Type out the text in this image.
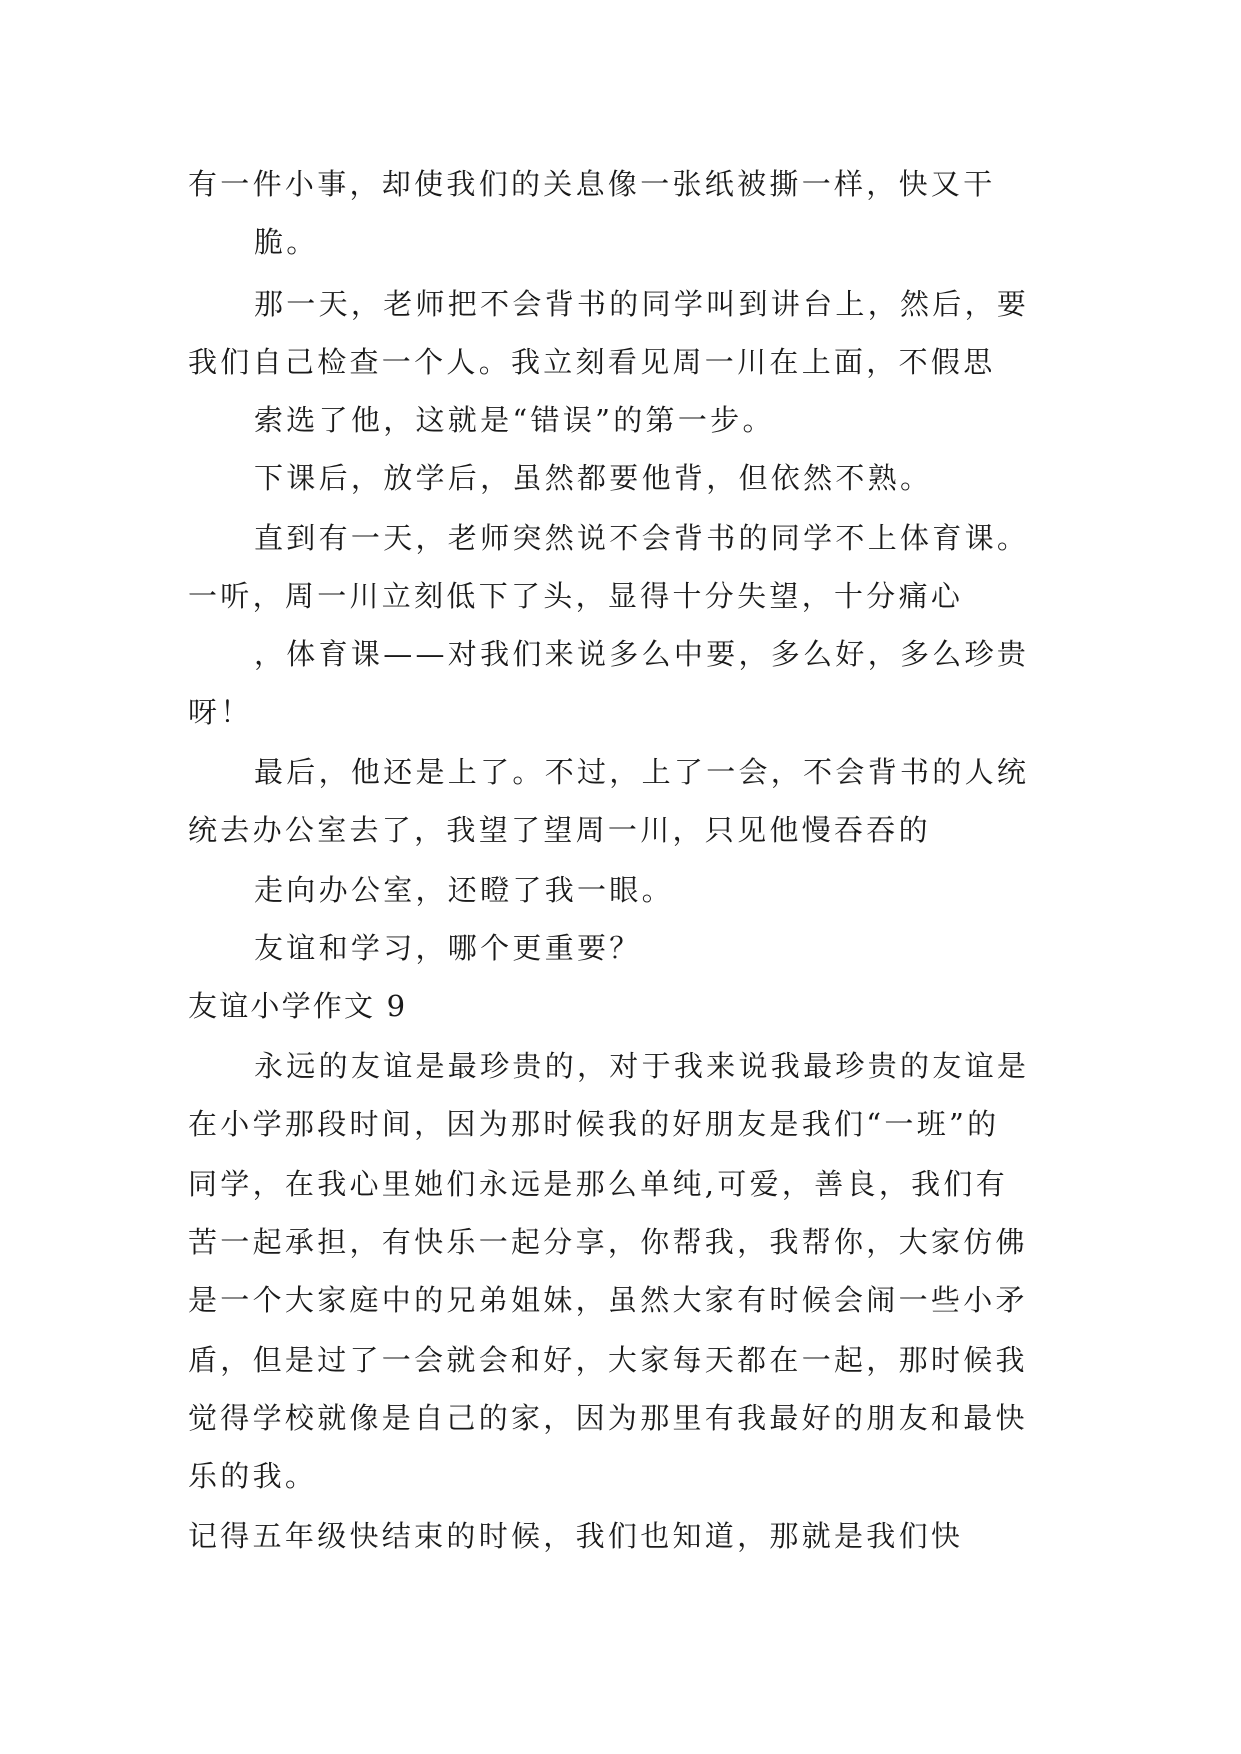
有一件小事，却使我们的关息像一张纸被撕一样，快又干
脆。
那一天，老师把不会背书的同学叫到讲台上，然后，要
我们自己检查一个人。我立刻看见周一川在上面，不假思
索选了他，这就是“错误”的第一步。
下课后，放学后，虽然都要他背，但依然不熟。
直到有一天，老师突然说不会背书的同学不上体育课。
一听，周一川立刻低下了头，显得十分失望，十分痛心
，体育课——对我们来说多么中要，多么好，多么珍贵
呀！
最后，他还是上了。不过，上了一会，不会背书的人统
统去办公室去了，我望了望周一川，只见他慢吞吞的
走向办公室，还瞪了我一眼。
友谊和学习，哪个更重要？
友谊小学作文 9
永远的友谊是最珍贵的，对于我来说我最珍贵的友谊是
在小学那段时间，因为那时候我的好朋友是我们“一班”的
同学，在我心里她们永远是那么单纯,可爱，善良，我们有
苦一起承担，有快乐一起分享，你帮我，我帮你，大家仿佛
是一个大家庭中的兄弟姐妹，虽然大家有时候会闹一些小矛
盾，但是过了一会就会和好，大家每天都在一起，那时候我
觉得学校就像是自己的家，因为那里有我最好的朋友和最快
乐的我。
记得五年级快结束的时候，我们也知道，那就是我们快
